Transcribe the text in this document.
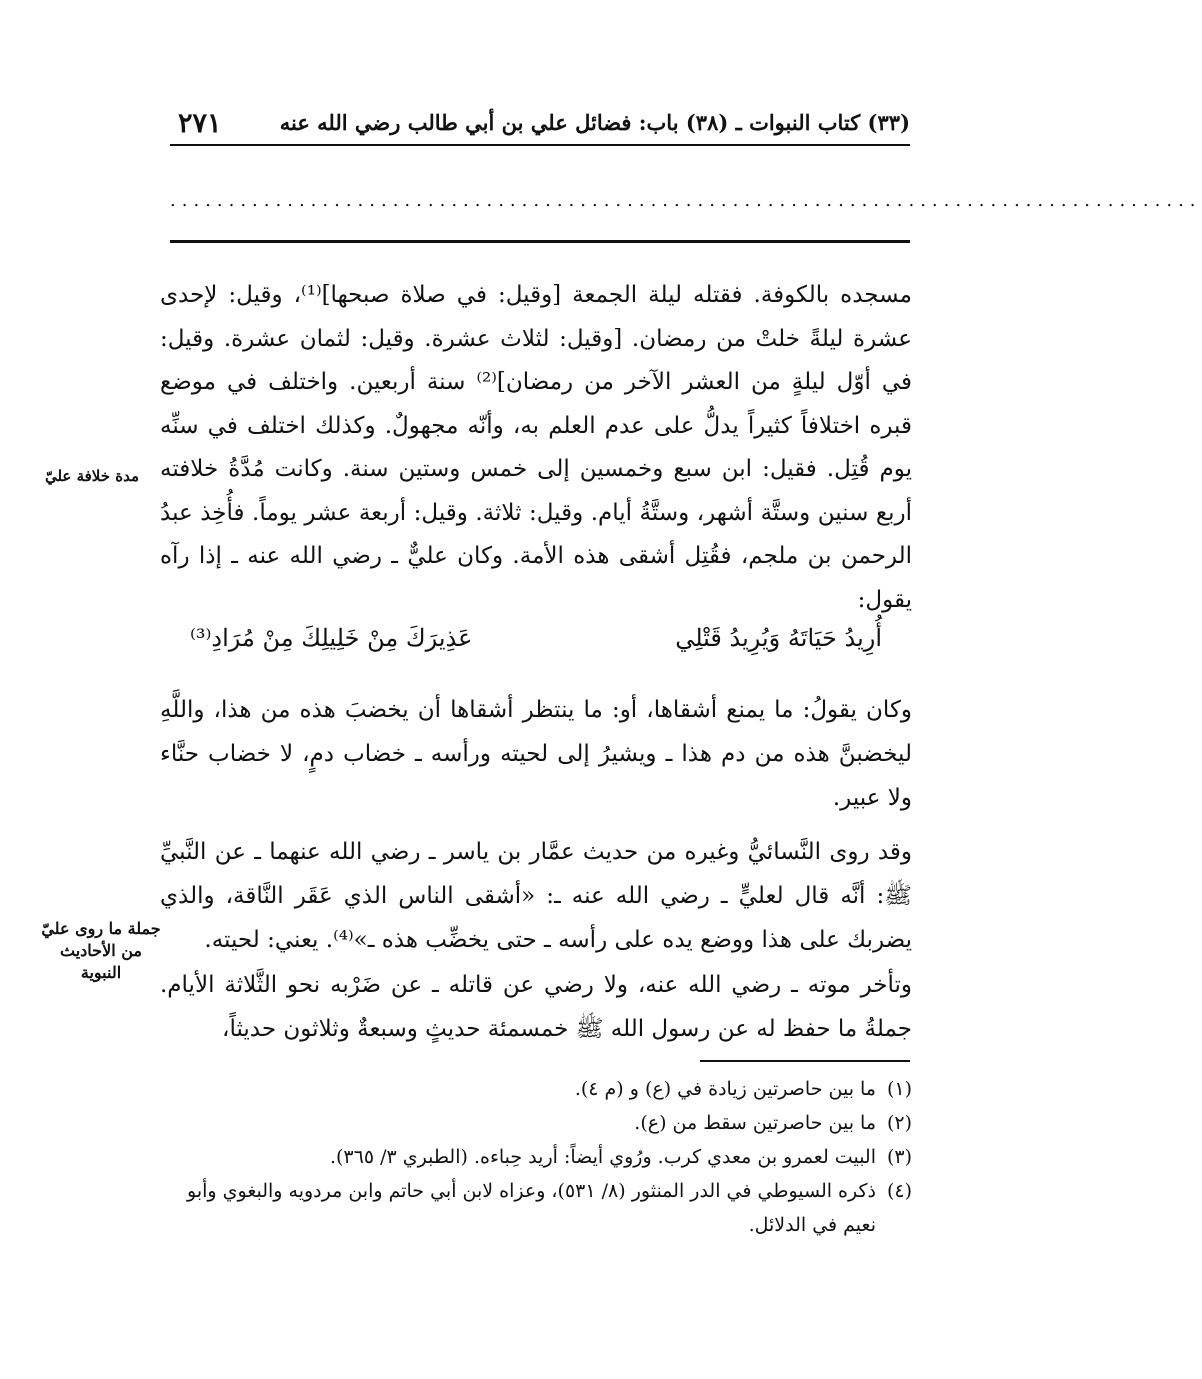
٢٧١	(٣٣) كتاب النبوات ـ (٣٨) باب: فضائل علي بن أبي طالب رضي الله عنه
........................................................................................

مسجده بالكوفة. فقتله ليلة الجمعة [وقيل: في صلاة صبحها]⁽¹⁾، وقيل: لإحدى عشرة ليلةً خلتْ من رمضان. [وقيل: لثلاث عشرة. وقيل: لثمان عشرة. وقيل: في أوّل ليلةٍ من العشر الآخر من رمضان]⁽²⁾ سنة أربعين. واختلف في موضع قبره اختلافاً كثيراً يدلُّ على عدم العلم به، وأنّه مجهولٌ. وكذلك اختلف في سنِّه يوم قُتِل. فقيل: ابن سبع وخمسين إلى خمس وستين سنة. وكانت مُدَّةُ خلافته أربع سنين وستَّة أشهر، وستَّةُ أيام. وقيل: ثلاثة. وقيل: أربعة عشر يوماً. فأُخِذ عبدُ الرحمن بن ملجم، فقُتِل أشقى هذه الأمة. وكان عليٌّ ـ رضي الله عنه ـ إذا رآه يقول:

أُرِيدُ حَيَاتَهُ وَيُرِيدُ قَتْلِي
عَذِيرَكَ مِنْ خَلِيلِكَ مِنْ مُرَادِ⁽³⁾

وكان يقولُ: ما يمنع أشقاها، أو: ما ينتظر أشقاها أن يخضبَ هذه من هذا، واللَّهِ ليخضبنَّ هذه من دم هذا ـ ويشيرُ إلى لحيته ورأسه ـ خضاب دمٍ، لا خضاب حنَّاء ولا عبير.

وقد روى النَّسائيُّ وغيره من حديث عمَّار بن ياسر ـ رضي الله عنهما ـ عن النَّبيِّ ﷺ: أنَّه قال لعليٍّ ـ رضي الله عنه ـ: «أشقى الناس الذي عَقَر النَّاقة، والذي يضربك على هذا ووضع يده على رأسه ـ حتى يخضِّب هذه ـ»⁽⁴⁾. يعني: لحيته.

وتأخر موته ـ رضي الله عنه، ولا رضي عن قاتله ـ عن ضَرْبه نحو الثَّلاثة الأيام. جملةُ ما حفظ له عن رسول الله ﷺ خمسمئة حديثٍ وسبعةٌ وثلاثون حديثاً،

مدة خلافة عليّ
جملة ما روى عليّ من الأحاديث النبوية
(١)
ما بين حاصرتين زيادة في (ع) و (م ٤).
(٢)
ما بين حاصرتين سقط من (ع).
(٣)
البيت لعمرو بن معدي كرب. ورُوي أيضاً: أريد حِباءه. (الطبري ٣/ ٣٦٥).
(٤)
ذكره السيوطي في الدر المنثور (٨/ ٥٣١)، وعزاه لابن أبي حاتم وابن مردويه والبغوي وأبو نعيم في الدلائل.
